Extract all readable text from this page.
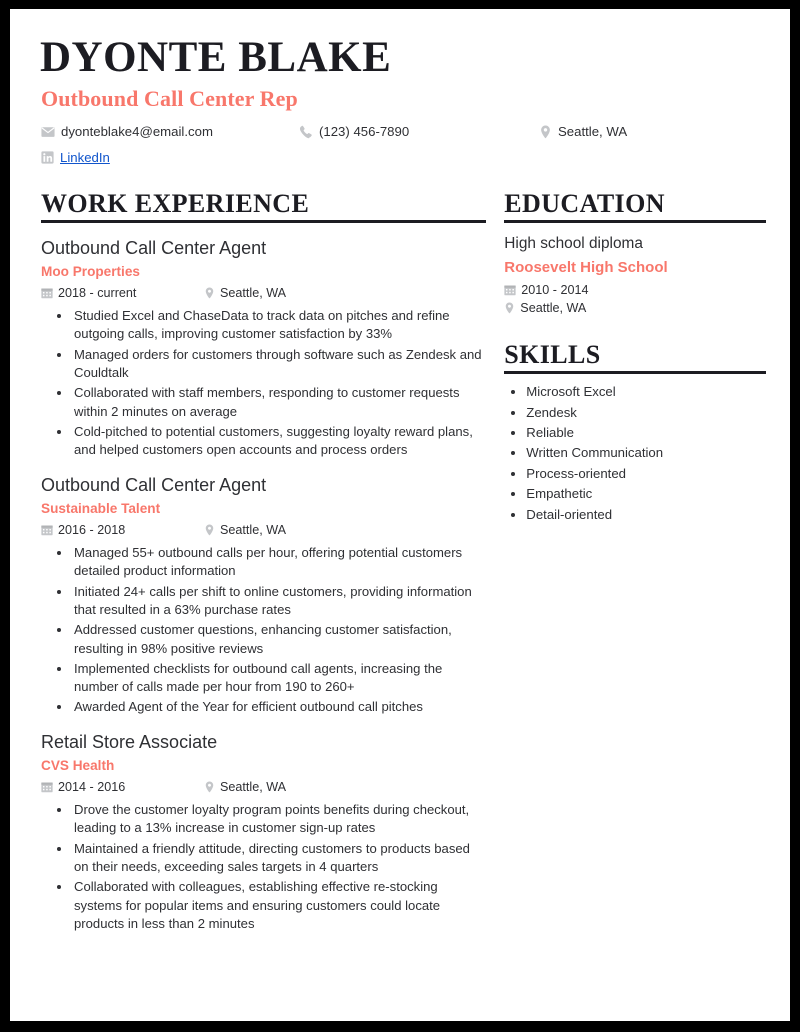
DYONTE BLAKE
Outbound Call Center Rep
dyonteblake4@email.com	(123) 456-7890	Seattle, WA
LinkedIn
WORK EXPERIENCE
Outbound Call Center Agent
Moo Properties
2018 - current	Seattle, WA
• Studied Excel and ChaseData to track data on pitches and refine outgoing calls, improving customer satisfaction by 33%
• Managed orders for customers through software such as Zendesk and Couldtalk
• Collaborated with staff members, responding to customer requests within 2 minutes on average
• Cold-pitched to potential customers, suggesting loyalty reward plans, and helped customers open accounts and process orders
Outbound Call Center Agent
Sustainable Talent
2016 - 2018	Seattle, WA
• Managed 55+ outbound calls per hour, offering potential customers detailed product information
• Initiated 24+ calls per shift to online customers, providing information that resulted in a 63% purchase rates
• Addressed customer questions, enhancing customer satisfaction, resulting in 98% positive reviews
• Implemented checklists for outbound call agents, increasing the number of calls made per hour from 190 to 260+
• Awarded Agent of the Year for efficient outbound call pitches
Retail Store Associate
CVS Health
2014 - 2016	Seattle, WA
• Drove the customer loyalty program points benefits during checkout, leading to a 13% increase in customer sign-up rates
• Maintained a friendly attitude, directing customers to products based on their needs, exceeding sales targets in 4 quarters
• Collaborated with colleagues, establishing effective re-stocking systems for popular items and ensuring customers could locate products in less than 2 minutes
EDUCATION
High school diploma
Roosevelt High School
2010 - 2014
Seattle, WA
SKILLS
• Microsoft Excel
• Zendesk
• Reliable
• Written Communication
• Process-oriented
• Empathetic
• Detail-oriented
